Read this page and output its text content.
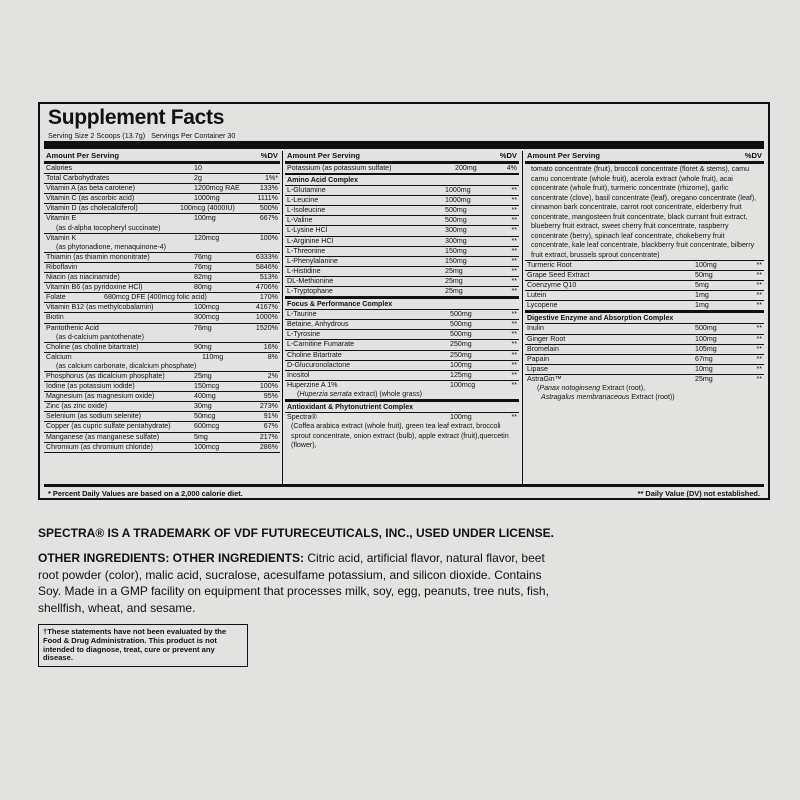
Supplement Facts
Serving Size 2 Scoops (13.7g)   Servings Per Container 30
Amount Per Serving	%DV
Calories	10
Total Carbohydrates	2g	1%*
Vitamin A (as beta carotene)	1200mcg RAE	133%
Vitamin C (as ascorbic acid)	1000mg	1111%
Vitamin D (as cholecalciferol)	100mcg (4000IU)	500%
Vitamin E	100mg	667%

(as d-alpha tocopheryl succinate)
Vitamin K	120mcg	100%

(as phytonadione, menaquinone-4)
Thiamin (as thiamin mononitrate)	76mg	6333%
Riboflavin	76mg	5846%
Niacin (as niacinamide)	82mg	513%
Vitamin B6 (as pyridoxine HCl)	80mg	4706%
Folate	680mcg DFE (400mcg folic acid)	170%
Vitamin B12 (as methylcobalamin)	100mcg	4167%
Biotin	300mcg	1000%
Pantothenic Acid	76mg	1520%

(as d-calcium pantothenate)
Choline (as choline bitartrate)	90mg	16%
Calcium	110mg	8%

(as calcium carbonate, dicalcium phosphate)
Phosphorus (as dicalcium phosphate)	25mg	2%
Iodine (as potassium iodide)	150mcg	100%
Magnesium (as magnesium oxide)	400mg	95%
Zinc (as zinc oxide)	30mg	273%
Selenium (as sodium selenite)	50mcg	91%
Copper (as cupric sulfate pentahydrate)	600mcg	67%
Manganese (as manganese sulfate)	5mg	217%
Chromium (as chromium chloride)	100mcg	286%
Amount Per Serving	%DV
Potassium (as potassium sulfate)	200mg	4%
Amino Acid Complex
L-Glutamine	1000mg	**
L-Leucine	1000mg	**
L-Isoleucine	500mg	**
L-Valine	500mg	**
L-Lysine HCl	300mg	**
L-Arginine HCl	300mg	**
L-Threonine	150mg	**
L-Phenylalanine	150mg	**
L-Histidine	25mg	**
DL-Methionine	25mg	**
L-Tryptophane	25mg	**
Focus & Performance Complex
L-Taurine	500mg	**
Betaine, Anhydrous	500mg	**
L-Tyrosine	500mg	**
L-Carnitine Fumarate	250mg	**
Choline Bitartrate	250mg	**
D-Glucuronolactone	100mg	**
Inositol	125mg	**
Huperzine A 1%	100mcg	**
(Huperzia serrata extract) (whole grass)
Antioxidant & Phytonutrient Complex
Spectra®	100mg	**
(Coffea arabica extract (whole fruit), green tea leaf extract, broccoli sprout concentrate, onion extract (bulb), apple extract (fruit),quercetin (flower),
Amount Per Serving	%DV
tomato concentrate (fruit), broccoli concentrate (floret & stems), camu camu concentrate (whole fruit), acerola extract (whole fruit), acai concentrate (whole fruit), turmeric concentrate (rhizome), garlic concentrate (clove), basil concentrate (leaf), oregano concentrate (leaf), cinnamon bark concentrate, carrot root concentrate, elderberry fruit concentrate, mangosteen fruit concentrate, black currant fruit extract, blueberry fruit extract, sweet cherry fruit concentrate, raspberry concentrate (berry), spinach leaf concentrate, chokeberry fruit concentrate, kale leaf concentrate, blackberry fruit concentrate, bilberry fruit extract, brussels sprout concentrate)
Turmeric Root	100mg	**
Grape Seed Extract	50mg	**
Coenzyme Q10	5mg	**
Lutein	1mg	**
Lycopene	1mg	**
Digestive Enzyme and Absorption Complex
Inulin	500mg	**
Ginger Root	100mg	**
Bromelain	105mg	**
Papain	67mg	**
Lipase	10mg	**
AstraGin™	25mg	**
(Panax notoginseng Extract (root),
Astragalus membranaceous Extract (root))
* Percent Daily Values are based on a 2,000 calorie diet.	** Daily Value (DV) not established.
SPECTRA® IS A TRADEMARK OF VDF FUTURECEUTICALS, INC., USED UNDER LICENSE.
OTHER INGREDIENTS: OTHER INGREDIENTS: Citric acid, artificial flavor, natural flavor, beet root powder (color), malic acid, sucralose, acesulfame potassium, and silicon dioxide. Contains Soy. Made in a GMP facility on equipment that processes milk, soy, egg, peanuts, tree nuts, fish, shellfish, wheat, and sesame.
†These statements have not been evaluated by the Food & Drug Administration. This product is not intended to diagnose, treat, cure or prevent any disease.
